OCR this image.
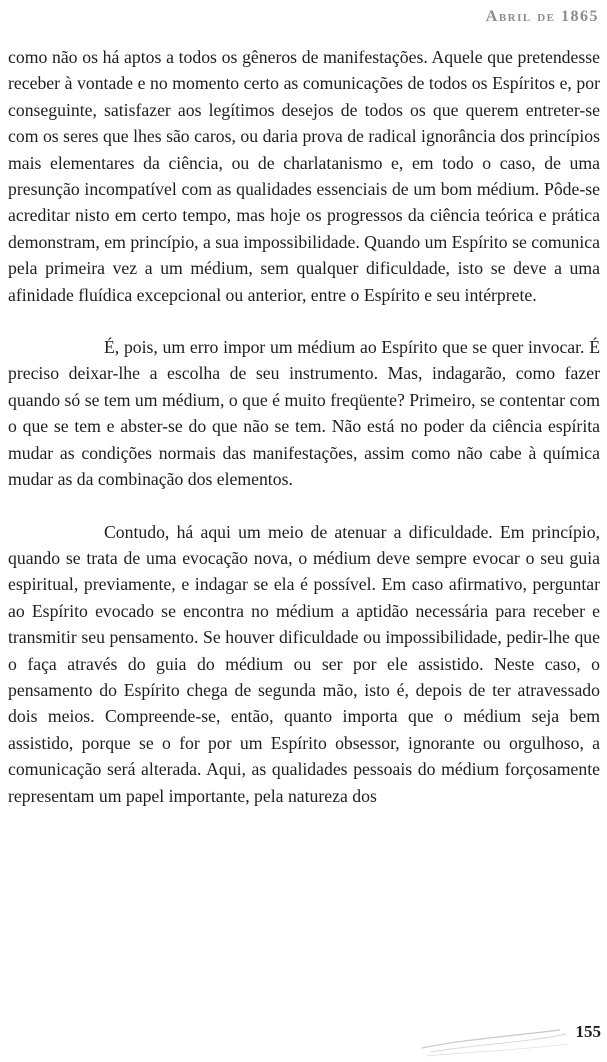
Abril de 1865

como não os há aptos a todos os gêneros de manifestações. Aquele que pretendesse receber à vontade e no momento certo as comunicações de todos os Espíritos e, por conseguinte, satisfazer aos legítimos desejos de todos os que querem entreter-se com os seres que lhes são caros, ou daria prova de radical ignorância dos princípios mais elementares da ciência, ou de charlatanismo e, em todo o caso, de uma presunção incompatível com as qualidades essenciais de um bom médium. Pôde-se acreditar nisto em certo tempo, mas hoje os progressos da ciência teórica e prática demonstram, em princípio, a sua impossibilidade. Quando um Espírito se comunica pela primeira vez a um médium, sem qualquer dificuldade, isto se deve a uma afinidade fluídica excepcional ou anterior, entre o Espírito e seu intérprete.

É, pois, um erro impor um médium ao Espírito que se quer invocar. É preciso deixar-lhe a escolha de seu instrumento. Mas, indagarão, como fazer quando só se tem um médium, o que é muito freqüente? Primeiro, se contentar com o que se tem e abster-se do que não se tem. Não está no poder da ciência espírita mudar as condições normais das manifestações, assim como não cabe à química mudar as da combinação dos elementos.

Contudo, há aqui um meio de atenuar a dificuldade. Em princípio, quando se trata de uma evocação nova, o médium deve sempre evocar o seu guia espiritual, previamente, e indagar se ela é possível. Em caso afirmativo, perguntar ao Espírito evocado se encontra no médium a aptidão necessária para receber e transmitir seu pensamento. Se houver dificuldade ou impossibilidade, pedir-lhe que o faça através do guia do médium ou ser por ele assistido. Neste caso, o pensamento do Espírito chega de segunda mão, isto é, depois de ter atravessado dois meios. Compreende-se, então, quanto importa que o médium seja bem assistido, porque se o for por um Espírito obsessor, ignorante ou orgulhoso, a comunicação será alterada. Aqui, as qualidades pessoais do médium forçosamente representam um papel importante, pela natureza dos

155
